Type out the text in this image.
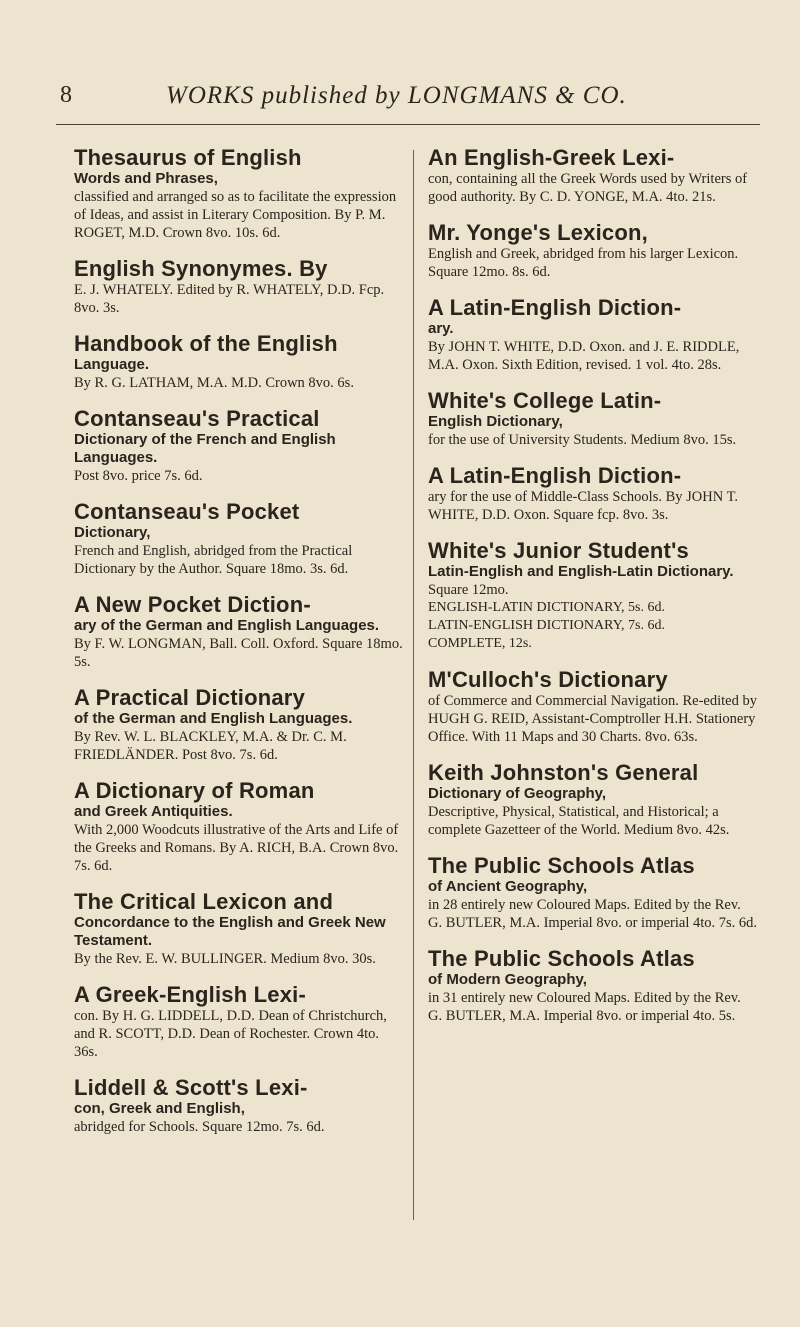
8	WORKS published by LONGMANS & CO.
Thesaurus of English
Words and Phrases,
classified and arranged so as to facilitate the expression of Ideas, and assist in Literary Composition. By P. M. ROGET, M.D. Crown 8vo. 10s. 6d.
English Synonymes. By
E. J. WHATELY. Edited by R. WHATELY, D.D. Fcp. 8vo. 3s.
Handbook of the English
Language.
By R. G. LATHAM, M.A. M.D. Crown 8vo. 6s.
Contanseau's Practical
Dictionary of the French and English Languages.
Post 8vo. price 7s. 6d.
Contanseau's Pocket
Dictionary,
French and English, abridged from the Practical Dictionary by the Author. Square 18mo. 3s. 6d.
A New Pocket Diction-
ary of the German and English Languages.
By F. W. LONGMAN, Ball. Coll. Oxford. Square 18mo. 5s.
A Practical Dictionary
of the German and English Languages.
By Rev. W. L. BLACKLEY, M.A. & Dr. C. M. FRIEDLÄNDER. Post 8vo. 7s. 6d.
A Dictionary of Roman
and Greek Antiquities.
With 2,000 Woodcuts illustrative of the Arts and Life of the Greeks and Romans. By A. RICH, B.A. Crown 8vo. 7s. 6d.
The Critical Lexicon and
Concordance to the English and Greek New Testament.
By the Rev. E. W. BULLINGER. Medium 8vo. 30s.
A Greek-English Lexi-
con. By H. G. LIDDELL, D.D. Dean of Christchurch, and R. SCOTT, D.D. Dean of Rochester. Crown 4to. 36s.
Liddell & Scott's Lexi-
con, Greek and English,
abridged for Schools. Square 12mo. 7s. 6d.
An English-Greek Lexi-
con, containing all the Greek Words used by Writers of good authority. By C. D. YONGE, M.A. 4to. 21s.
Mr. Yonge's Lexicon,
English and Greek, abridged from his larger Lexicon. Square 12mo. 8s. 6d.
A Latin-English Diction-
ary.
By JOHN T. WHITE, D.D. Oxon. and J. E. RIDDLE, M.A. Oxon. Sixth Edition, revised. 1 vol. 4to. 28s.
White's College Latin-
English Dictionary,
for the use of University Students. Medium 8vo. 15s.
A Latin-English Diction-
ary for the use of Middle-Class Schools. By JOHN T. WHITE, D.D. Oxon. Square fcp. 8vo. 3s.
White's Junior Student's
Latin-English and English-Latin Dictionary.
Square 12mo.
ENGLISH-LATIN DICTIONARY, 5s. 6d.
LATIN-ENGLISH DICTIONARY, 7s. 6d.
COMPLETE, 12s.
M'Culloch's Dictionary
of Commerce and Commercial Navigation. Re-edited by HUGH G. REID, Assistant-Comptroller H.H. Stationery Office. With 11 Maps and 30 Charts. 8vo. 63s.
Keith Johnston's General
Dictionary of Geography,
Descriptive, Physical, Statistical, and Historical; a complete Gazetteer of the World. Medium 8vo. 42s.
The Public Schools Atlas
of Ancient Geography,
in 28 entirely new Coloured Maps. Edited by the Rev. G. BUTLER, M.A. Imperial 8vo. or imperial 4to. 7s. 6d.
The Public Schools Atlas
of Modern Geography,
in 31 entirely new Coloured Maps. Edited by the Rev. G. BUTLER, M.A. Imperial 8vo. or imperial 4to. 5s.
